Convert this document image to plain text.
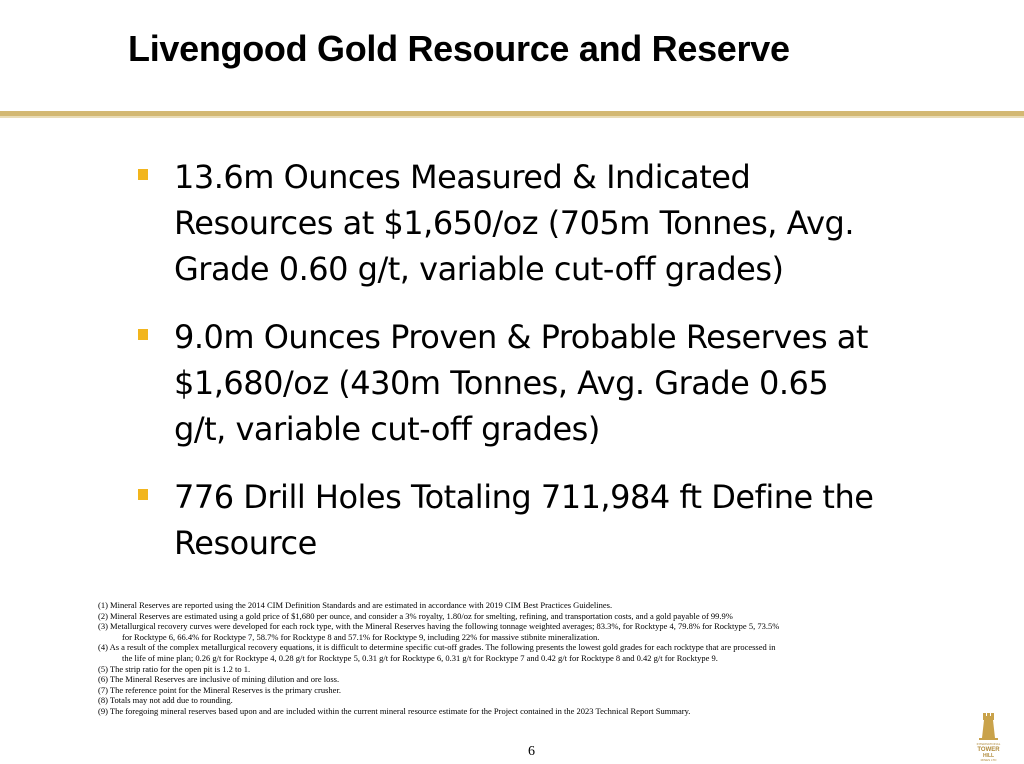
Livengood Gold Resource and Reserve
13.6m Ounces Measured & Indicated
Resources at $1,650/oz (705m Tonnes, Avg.
Grade 0.60 g/t, variable cut-off grades)
9.0m Ounces Proven & Probable Reserves at
$1,680/oz (430m Tonnes, Avg. Grade 0.65
g/t, variable cut-off grades)
776 Drill Holes Totaling 711,984 ft Define the
Resource
(1) Mineral Reserves are reported using the 2014 CIM Definition Standards and are estimated in accordance with 2019 CIM Best Practices Guidelines.
(2) Mineral Reserves are estimated using a gold price of $1,680 per ounce, and consider a 3% royalty, 1.80/oz for smelting, refining, and transportation costs, and a gold payable of 99.9%
(3) Metallurgical recovery curves were developed for each rock type, with the Mineral Reserves having the following tonnage weighted averages; 83.3%, for Rocktype 4, 79.8% for Rocktype 5, 73.5%
for Rocktype 6, 66.4% for Rocktype 7, 58.7% for Rocktype 8 and 57.1% for Rocktype 9, including 22% for massive stibnite mineralization.
(4) As a result of the complex metallurgical recovery equations, it is difficult to determine specific cut-off grades. The following presents the lowest gold grades for each rocktype that are processed in
the life of mine plan; 0.26 g/t for Rocktype 4, 0.28 g/t for Rocktype 5, 0.31 g/t for Rocktype 6, 0.31 g/t for Rocktype 7 and 0.42 g/t for Rocktype 8 and 0.42 g/t for Rocktype 9.
(5) The strip ratio for the open pit is 1.2 to 1.
(6) The Mineral Reserves are inclusive of mining dilution and ore loss.
(7) The reference point for the Mineral Reserves is the primary crusher.
(8) Totals may not add due to rounding.
(9) The foregoing mineral reserves based upon and are included within the current mineral resource estimate for the Project contained in the 2023 Technical Report Summary.
6	INTERNATIONAL
TOWER
HILL
MINES LTD
